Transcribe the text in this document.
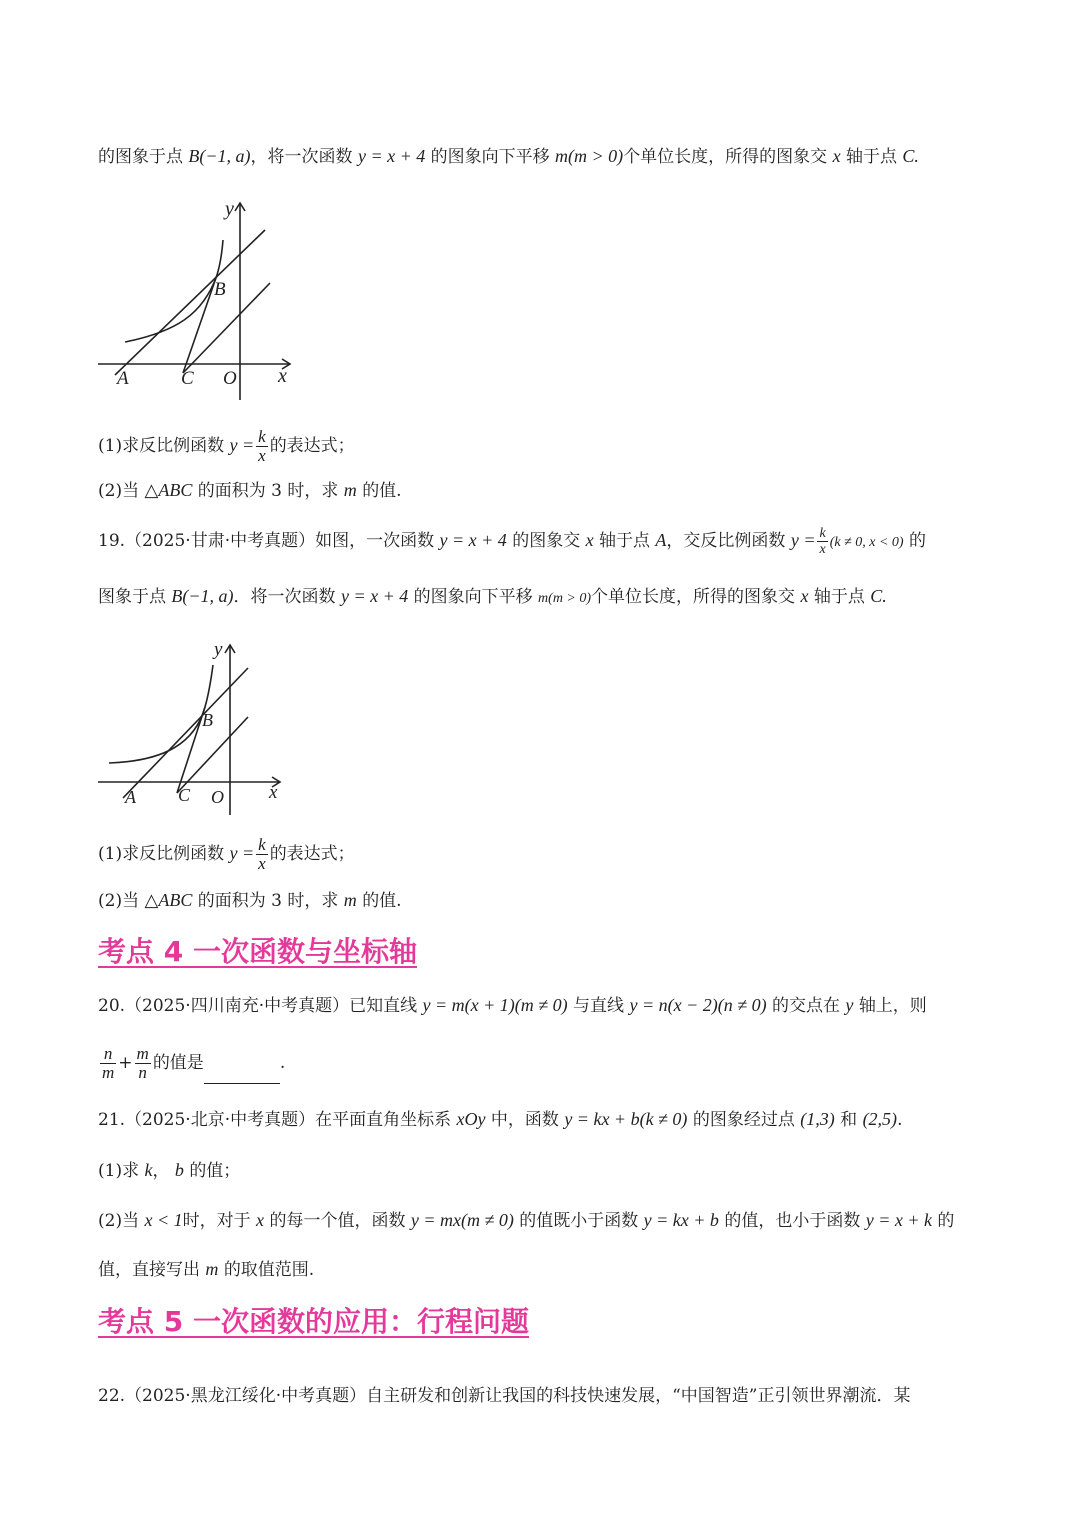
的图象于点 B(−1, a)，将一次函数 y = x + 4 的图象向下平移 m(m > 0)个单位长度，所得的图象交 x 轴于点 C.
y
x
A
B
C O
(1)求反比例函数 $y = \frac{k}{x}$ 的表达式；
(2)当 △ABC 的面积为 3 时，求 m 的值.
19.（2025·甘肃·中考真题）如图，一次函数 y = x + 4 的图象交 x 轴于点 A，交反比例函数 $y = \frac{k}{x} (k \ne 0$, x < 0) 的
图象于点 B(−1, a)．将一次函数 y = x + 4 的图象向下平移 m(m > 0)个单位长度，所得的图象交 x 轴于点 C.
y
x
A
B
C O
(1)求反比例函数 $y = \frac{k}{x}$ 的表达式；
(2)当 △ABC 的面积为 3 时，求 m 的值.
考点 4 一次函数与坐标轴
20.（2025·四川南充·中考真题）已知直线 y = m(x + 1)(m ≠ 0) 与直线 y = n(x − 2)(n ≠ 0) 的交点在 y 轴上，则
$\frac{n}{m} + \frac{m}{n}$ 的值是	.
21.（2025·北京·中考真题）在平面直角坐标系 xOy 中，函数 y = kx + b(k ≠ 0) 的图象经过点 (1,3) 和 (2,5).
(1)求 k， b 的值；
(2)当 x < 1时，对于 x 的每一个值，函数 y = mx(m ≠ 0) 的值既小于函数 y = kx + b 的值，也小于函数 y = x + k 的
值，直接写出 m 的取值范围.
考点 5 一次函数的应用：行程问题
22.（2025·黑龙江绥化·中考真题）自主研发和创新让我国的科技快速发展，“中国智造”正引领世界潮流．某
